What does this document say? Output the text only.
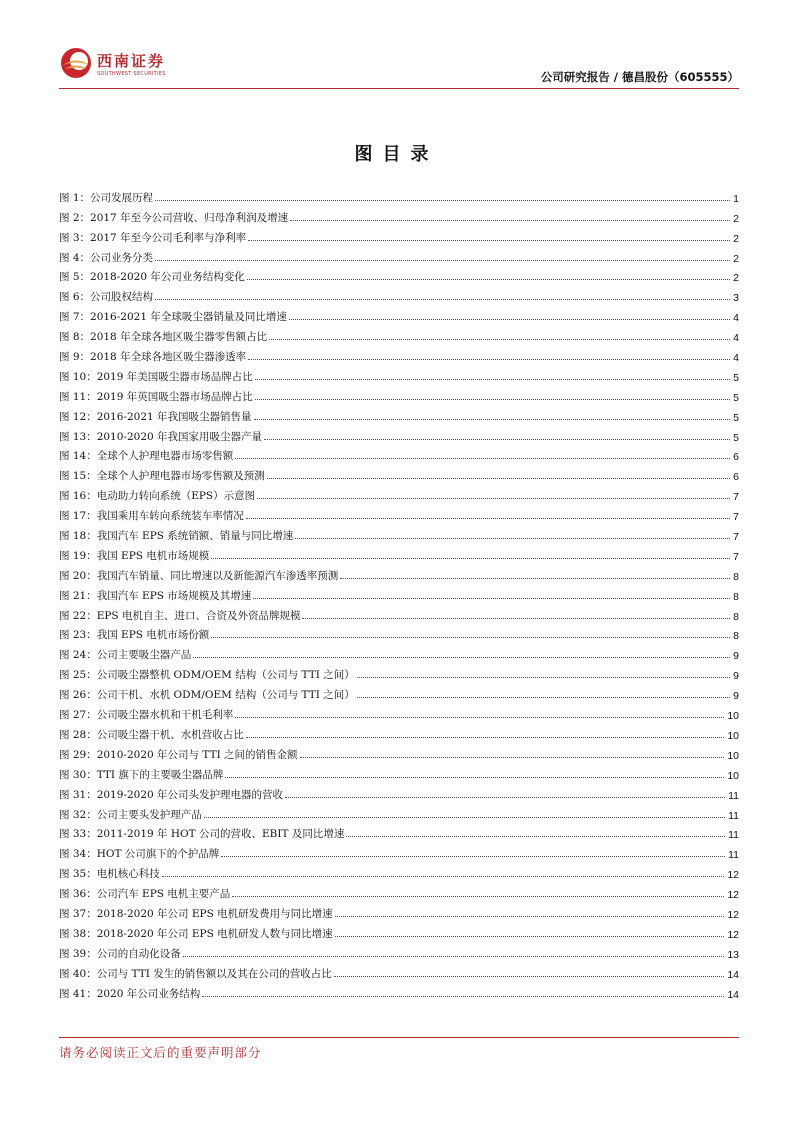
西南证券
SOUTHWEST SECURITIES	公司研究报告 / 德昌股份（605555）
图目录
图 1：公司发展历程	1
图 2：2017 年至今公司营收、归母净利润及增速	2
图 3：2017 年至今公司毛利率与净利率	2
图 4：公司业务分类	2
图 5：2018-2020 年公司业务结构变化	2
图 6：公司股权结构	3
图 7：2016-2021 年全球吸尘器销量及同比增速	4
图 8：2018 年全球各地区吸尘器零售额占比	4
图 9：2018 年全球各地区吸尘器渗透率	4
图 10：2019 年美国吸尘器市场品牌占比	5
图 11：2019 年英国吸尘器市场品牌占比	5
图 12：2016-2021 年我国吸尘器销售量	5
图 13：2010-2020 年我国家用吸尘器产量	5
图 14：全球个人护理电器市场零售额	6
图 15：全球个人护理电器市场零售额及预测	6
图 16：电动助力转向系统（EPS）示意图	7
图 17：我国乘用车转向系统装车率情况	7
图 18：我国汽车 EPS 系统销额、销量与同比增速	7
图 19：我国 EPS 电机市场规模	7
图 20：我国汽车销量、同比增速以及新能源汽车渗透率预测	8
图 21：我国汽车 EPS 市场规模及其增速	8
图 22：EPS 电机自主、进口、合资及外资品牌规模	8
图 23：我国 EPS 电机市场份额	8
图 24：公司主要吸尘器产品	9
图 25：公司吸尘器整机 ODM/OEM 结构（公司与 TTI 之间）	9
图 26：公司干机、水机 ODM/OEM 结构（公司与 TTI 之间）	9
图 27：公司吸尘器水机和干机毛利率	10
图 28：公司吸尘器干机、水机营收占比	10
图 29：2010-2020 年公司与 TTI 之间的销售金额	10
图 30：TTI 旗下的主要吸尘器品牌	10
图 31：2019-2020 年公司头发护理电器的营收	11
图 32：公司主要头发护理产品	11
图 33：2011-2019 年 HOT 公司的营收、EBIT 及同比增速	11
图 34：HOT 公司旗下的个护品牌	11
图 35：电机核心科技	12
图 36：公司汽车 EPS 电机主要产品	12
图 37：2018-2020 年公司 EPS 电机研发费用与同比增速	12
图 38：2018-2020 年公司 EPS 电机研发人数与同比增速	12
图 39：公司的自动化设备	13
图 40：公司与 TTI 发生的销售额以及其在公司的营收占比	14
图 41：2020 年公司业务结构	14
请务必阅读正文后的重要声明部分
